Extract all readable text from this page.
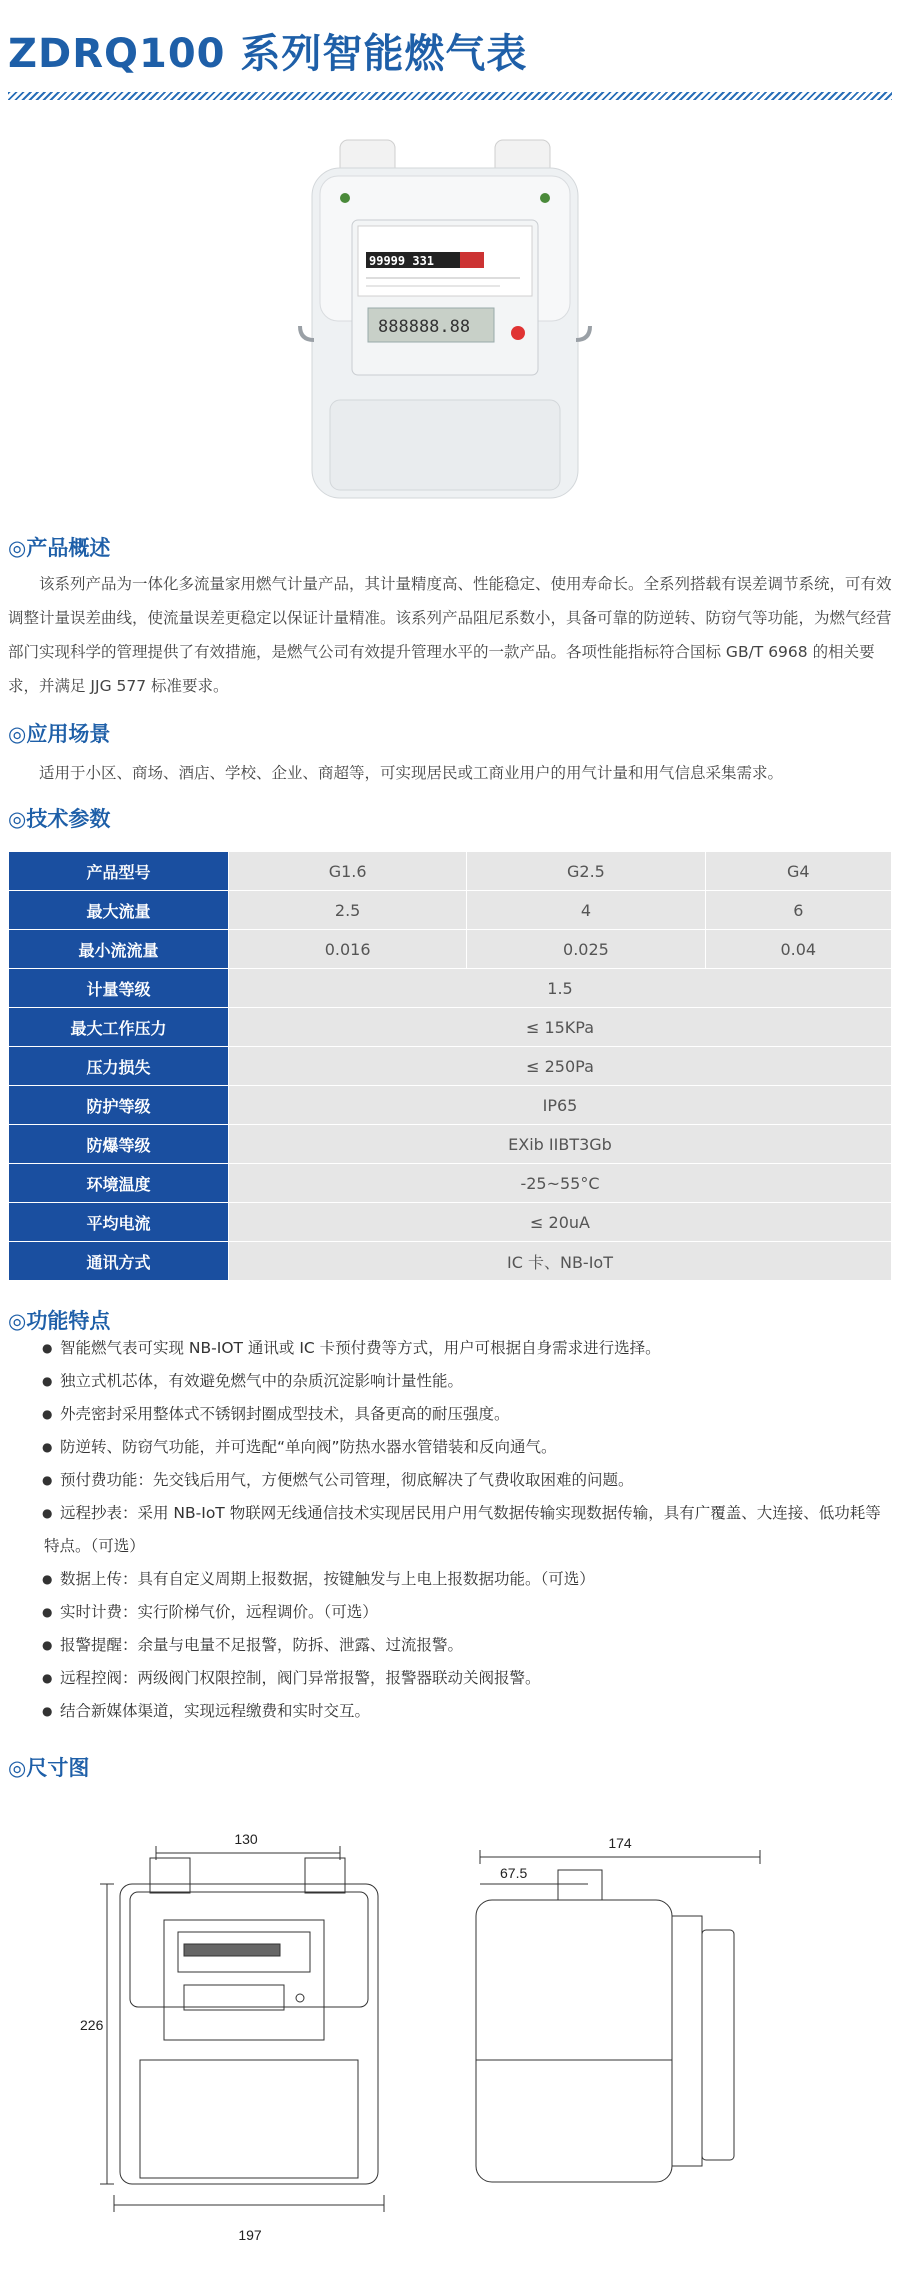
ZDRQ100 系列智能燃气表
99999 331
888888.88
◎产品概述
该系列产品为一体化多流量家用燃气计量产品，其计量精度高、性能稳定、使用寿命长。全系列搭载有误差调节系统，可有效调整计量误差曲线，使流量误差更稳定以保证计量精准。该系列产品阻尼系数小，具备可靠的防逆转、防窃气等功能，为燃气经营部门实现科学的管理提供了有效措施，是燃气公司有效提升管理水平的一款产品。各项性能指标符合国标 GB/T 6968 的相关要求，并满足 JJG 577 标准要求。
◎应用场景
适用于小区、商场、酒店、学校、企业、商超等，可实现居民或工商业用户的用气计量和用气信息采集需求。
◎技术参数
产品型号	G1.6	G2.5	G4
最大流量	2.5	4	6
最小流流量	0.016	0.025	0.04
计量等级	1.5		
最大工作压力	≤ 15KPa		
压力损失	≤ 250Pa		
防护等级	IP65		
防爆等级	EXib IIBT3Gb		
环境温度	-25~55°C		
平均电流	≤ 20uA		
通讯方式	IC 卡、NB-IoT		
◎功能特点
● 智能燃气表可实现 NB-IOT 通讯或 IC 卡预付费等方式，用户可根据自身需求进行选择。
● 独立式机芯体，有效避免燃气中的杂质沉淀影响计量性能。
● 外壳密封采用整体式不锈钢封圈成型技术，具备更高的耐压强度。
● 防逆转、防窃气功能，并可选配“单向阀”防热水器水管错装和反向通气。
● 预付费功能：先交钱后用气，方便燃气公司管理，彻底解决了气费收取困难的问题。
● 远程抄表：采用 NB-IoT 物联网无线通信技术实现居民用户用气数据传输实现数据传输，具有广覆盖、大连接、低功耗等特点。（可选）
● 数据上传：具有自定义周期上报数据，按键触发与上电上报数据功能。（可选）
● 实时计费：实行阶梯气价，远程调价。（可选）
● 报警提醒：余量与电量不足报警，防拆、泄露、过流报警。
● 远程控阀：两级阀门权限控制，阀门异常报警，报警器联动关阀报警。
● 结合新媒体渠道，实现远程缴费和实时交互。
◎尺寸图
130
226
197
174
67.5
